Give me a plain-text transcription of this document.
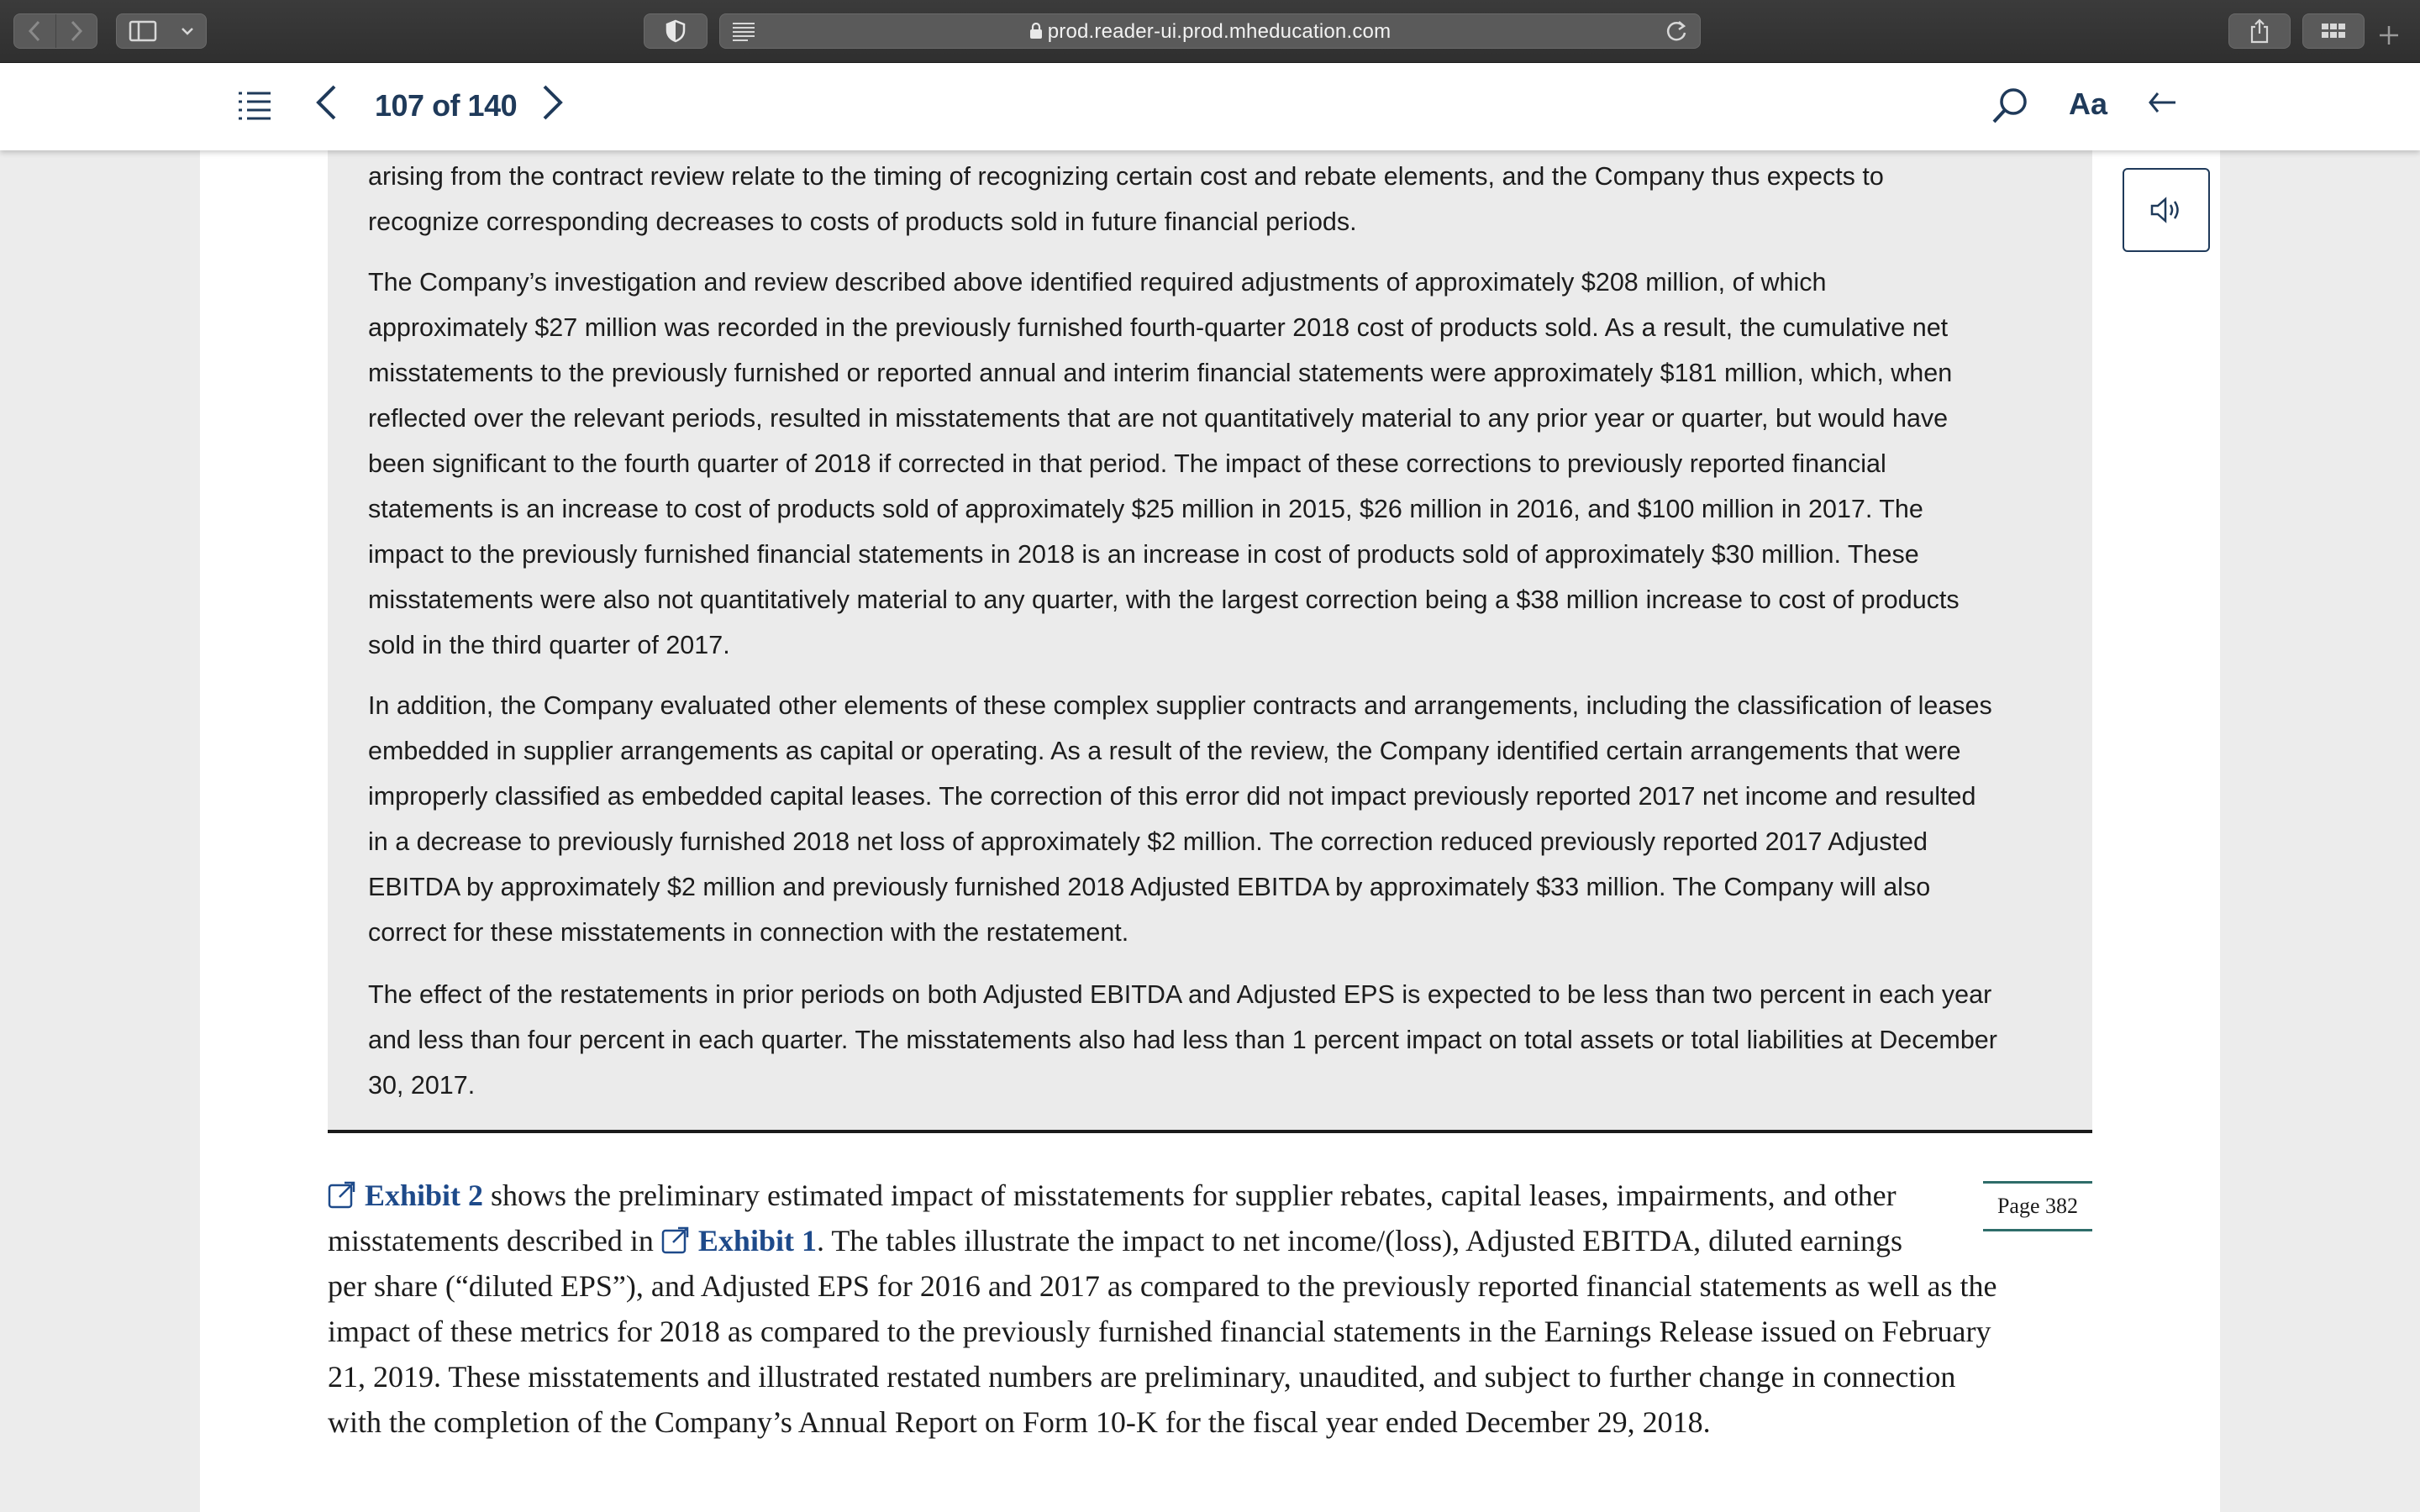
prod.reader-ui.prod.mheducation.com
107 of 140	Aa

arising from the contract review relate to the timing of recognizing certain cost and rebate elements, and the Company thus expects to
recognize corresponding decreases to costs of products sold in future financial periods.

The Company’s investigation and review described above identified required adjustments of approximately $208 million, of which
approximately $27 million was recorded in the previously furnished fourth-quarter 2018 cost of products sold. As a result, the cumulative net
misstatements to the previously furnished or reported annual and interim financial statements were approximately $181 million, which, when
reflected over the relevant periods, resulted in misstatements that are not quantitatively material to any prior year or quarter, but would have
been significant to the fourth quarter of 2018 if corrected in that period. The impact of these corrections to previously reported financial
statements is an increase to cost of products sold of approximately $25 million in 2015, $26 million in 2016, and $100 million in 2017. The
impact to the previously furnished financial statements in 2018 is an increase in cost of products sold of approximately $30 million. These
misstatements were also not quantitatively material to any quarter, with the largest correction being a $38 million increase to cost of products
sold in the third quarter of 2017.

In addition, the Company evaluated other elements of these complex supplier contracts and arrangements, including the classification of leases
embedded in supplier arrangements as capital or operating. As a result of the review, the Company identified certain arrangements that were
improperly classified as embedded capital leases. The correction of this error did not impact previously reported 2017 net income and resulted
in a decrease to previously furnished 2018 net loss of approximately $2 million. The correction reduced previously reported 2017 Adjusted
EBITDA by approximately $2 million and previously furnished 2018 Adjusted EBITDA by approximately $33 million. The Company will also
correct for these misstatements in connection with the restatement.

The effect of the restatements in prior periods on both Adjusted EBITDA and Adjusted EPS is expected to be less than two percent in each year
and less than four percent in each quarter. The misstatements also had less than 1 percent impact on total assets or total liabilities at December
30, 2017.

Exhibit 2 shows the preliminary estimated impact of misstatements for supplier rebates, capital leases, impairments, and other
misstatements described in Exhibit 1. The tables illustrate the impact to net income/(loss), Adjusted EBITDA, diluted earnings
per share (“diluted EPS”), and Adjusted EPS for 2016 and 2017 as compared to the previously reported financial statements as well as the
impact of these metrics for 2018 as compared to the previously furnished financial statements in the Earnings Release issued on February
21, 2019. These misstatements and illustrated restated numbers are preliminary, unaudited, and subject to further change in connection
with the completion of the Company’s Annual Report on Form 10-K for the fiscal year ended December 29, 2018.
Page 382
